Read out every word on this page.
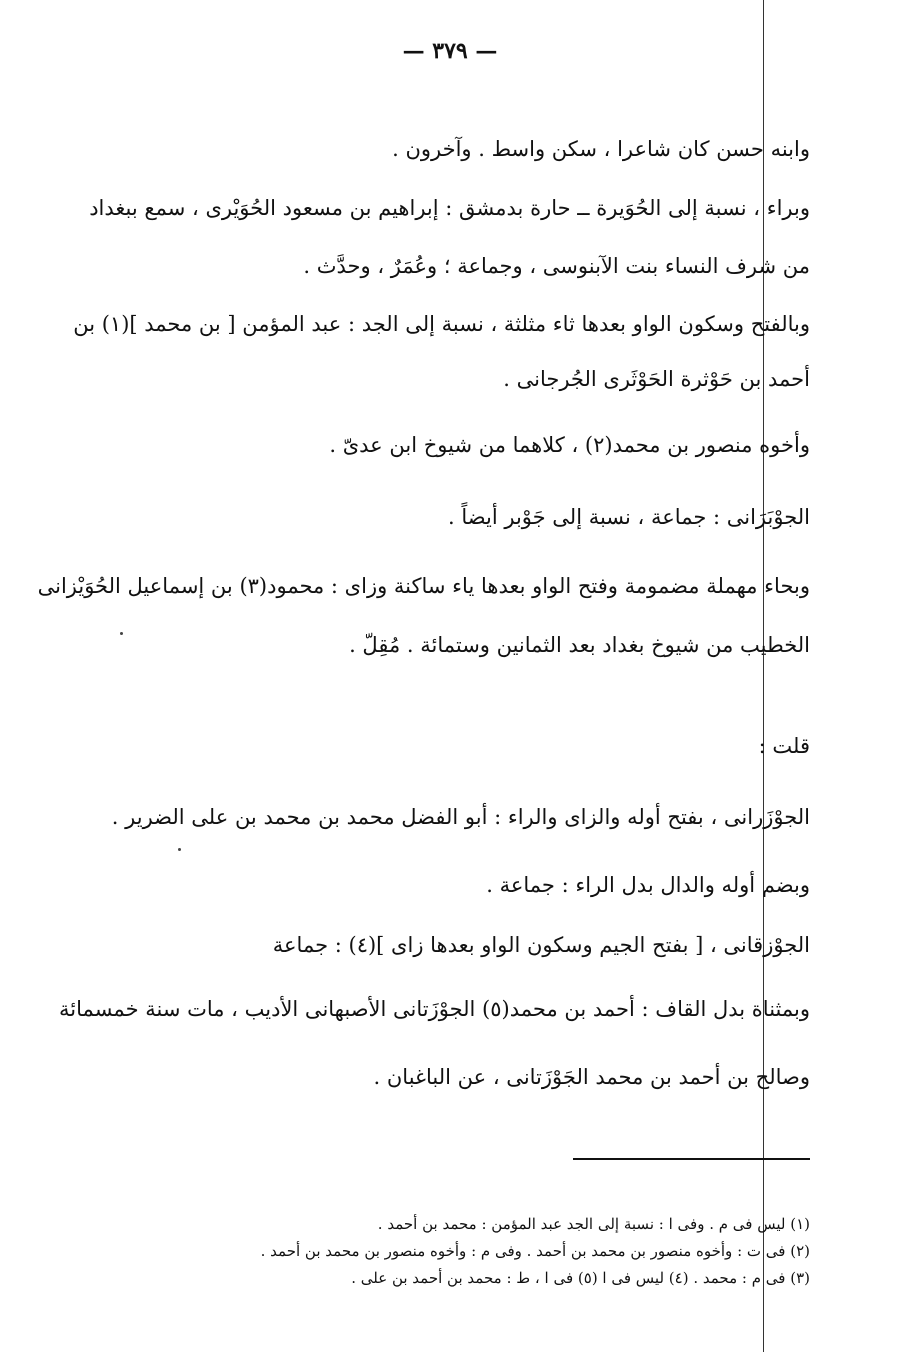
— ٣٧٩ —
وابنه حسن كان شاعرا ، سكن واسط . وآخرون .
وبراء ، نسبة إلى الحُوَيرة ــ حارة بدمشق : إبراهيم بن مسعود الحُوَيْرى ، سمع ببغداد
من شرف النساء بنت الآبنوسى ، وجماعة ؛ وعُمَرٌ ، وحدَّث .
وبالفتح وسكون الواو بعدها ثاء مثلثة ، نسبة إلى الجد : عبد المؤمن [ بن محمد ](١) بن
أحمد بن حَوْثرة الحَوْثَرى الجُرجانى .
وأخوه منصور بن محمد(٢) ، كلاهما من شيوخ ابن عدىّ .
الجوْبَرَانى : جماعة ، نسبة إلى جَوْبر أيضاً .
وبحاء مهملة مضمومة وفتح الواو بعدها ياء ساكنة وزاى : محمود(٣) بن إسماعيل الحُوَيْزانى
الخطيب من شيوخ بغداد بعد الثمانين وستمائة . مُقِلّ .
قلت :
الجوْزَرانى ، بفتح أوله والزاى والراء : أبو الفضل محمد بن محمد بن على الضرير .
وبضم أوله والدال بدل الراء : جماعة .
الجوْزقانى ، [ بفتح الجيم وسكون الواو بعدها زاى ](٤) : جماعة
وبمثناة بدل القاف : أحمد بن محمد(٥) الجوْزَتانى الأصبهانى الأديب ، مات سنة خمسمائة
وصالح بن أحمد بن محمد الجَوْزَتانى ، عن الباغبان .
(١) ليس فى م . وفى ا : نسبة إلى الجد عبد المؤمن : محمد بن أحمد .
(٢) فى ت : وأخوه منصور بن محمد بن أحمد . وفى م : وأخوه منصور بن محمد بن أحمد .
(٣) فى م : محمد . (٤) ليس فى ا (٥) فى ا ، ط : محمد بن أحمد بن على .
